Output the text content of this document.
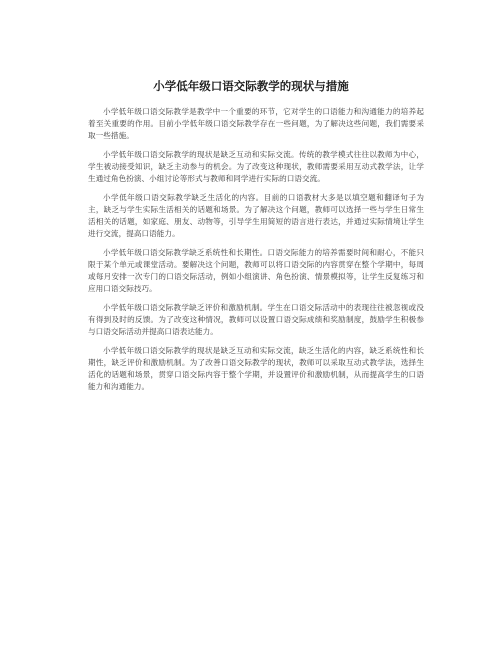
小学低年级口语交际教学的现状与措施

小学低年级口语交际教学是教学中一个重要的环节，它对学生的口语能力和沟通能力的培养起着至关重要的作用。目前小学低年级口语交际教学存在一些问题，为了解决这些问题，我们需要采取一些措施。

小学低年级口语交际教学的现状是缺乏互动和实际交流。传统的教学模式往往以教师为中心，学生被动接受知识，缺乏主动参与的机会。为了改变这种现状，教师需要采用互动式教学法，让学生通过角色扮演、小组讨论等形式与教师和同学进行实际的口语交流。

小学低年级口语交际教学缺乏生活化的内容。目前的口语教材大多是以填空题和翻译句子为主，缺乏与学生实际生活相关的话题和场景。为了解决这个问题，教师可以选择一些与学生日常生活相关的话题，如家庭、朋友、动物等，引导学生用简短的语言进行表达，并通过实际情境让学生进行交流，提高口语能力。

小学低年级口语交际教学缺乏系统性和长期性。口语交际能力的培养需要时间和耐心，不能只限于某个单元或课堂活动。要解决这个问题，教师可以将口语交际的内容贯穿在整个学期中，每周或每月安排一次专门的口语交际活动，例如小组演讲、角色扮演、情景模拟等，让学生反复练习和应用口语交际技巧。

小学低年级口语交际教学缺乏评价和激励机制。学生在口语交际活动中的表现往往被忽视或没有得到及时的反馈。为了改变这种情况，教师可以设置口语交际成绩和奖励制度，鼓励学生积极参与口语交际活动并提高口语表达能力。

小学低年级口语交际教学的现状是缺乏互动和实际交流，缺乏生活化的内容，缺乏系统性和长期性，缺乏评价和激励机制。为了改善口语交际教学的现状，教师可以采取互动式教学法，选择生活化的话题和场景，贯穿口语交际内容于整个学期，并设置评价和激励机制，从而提高学生的口语能力和沟通能力。
